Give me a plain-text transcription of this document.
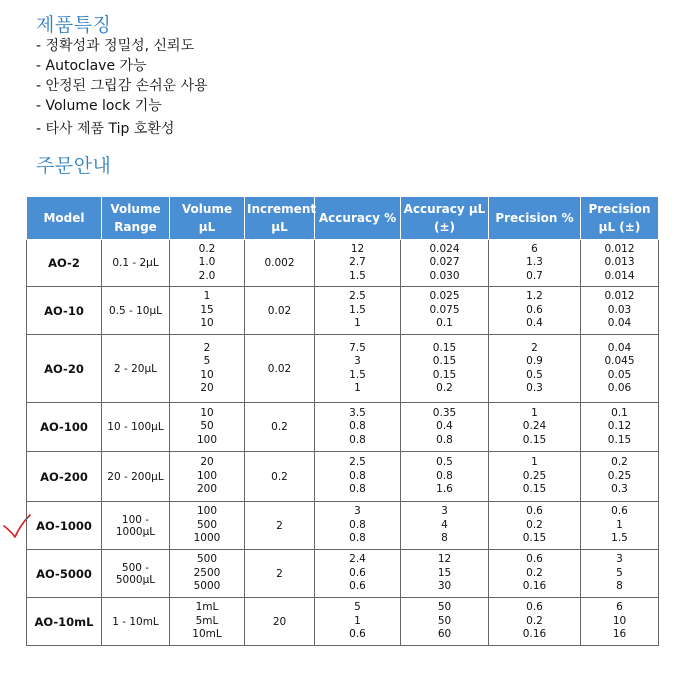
제품특징
- 정확성과 정밀성, 신뢰도
- Autoclave 가능
- 안정된 그립감 손쉬운 사용
- Volume lock 기능
- 타사 제품 Tip 호환성
주문안내
Model	Volume Range	Volume µL	Increment µL	Accuracy %	Accuracy µL (±)	Precision %	Precision µL (±)
AO-2	0.1 - 2µL	0.2
1.0
2.0	0.002	12
2.7
1.5	0.024
0.027
0.030	6
1.3
0.7	0.012
0.013
0.014

AO-10	0.5 - 10µL	1
15
10	0.02	2.5
1.5
1	0.025
0.075
0.1	1.2
0.6
0.4	0.012
0.03
0.04

AO-20	2 - 20µL	2
5
10
20	0.02	7.5
3
1.5
1	0.15
0.15
0.15
0.2	2
0.9
0.5
0.3	0.04
0.045
0.05
0.06

AO-100	10 - 100µL	10
50
100	0.2	3.5
0.8
0.8	0.35
0.4
0.8	1
0.24
0.15	0.1
0.12
0.15

AO-200	20 - 200µL	20
100
200	0.2	2.5
0.8
0.8	0.5
0.8
1.6	1
0.25
0.15	0.2
0.25
0.3

AO-1000	100 - 1000µL	100
500
1000	2	3
0.8
0.8	3
4
8	0.6
0.2
0.15	0.6
1
1.5

AO-5000	500 - 5000µL	500
2500
5000	2	2.4
0.6
0.6	12
15
30	0.6
0.2
0.16	3
5
8

AO-10mL	1 - 10mL	1mL
5mL
10mL	20	5
1
0.6	50
50
60	0.6
0.2
0.16	6
10
16
